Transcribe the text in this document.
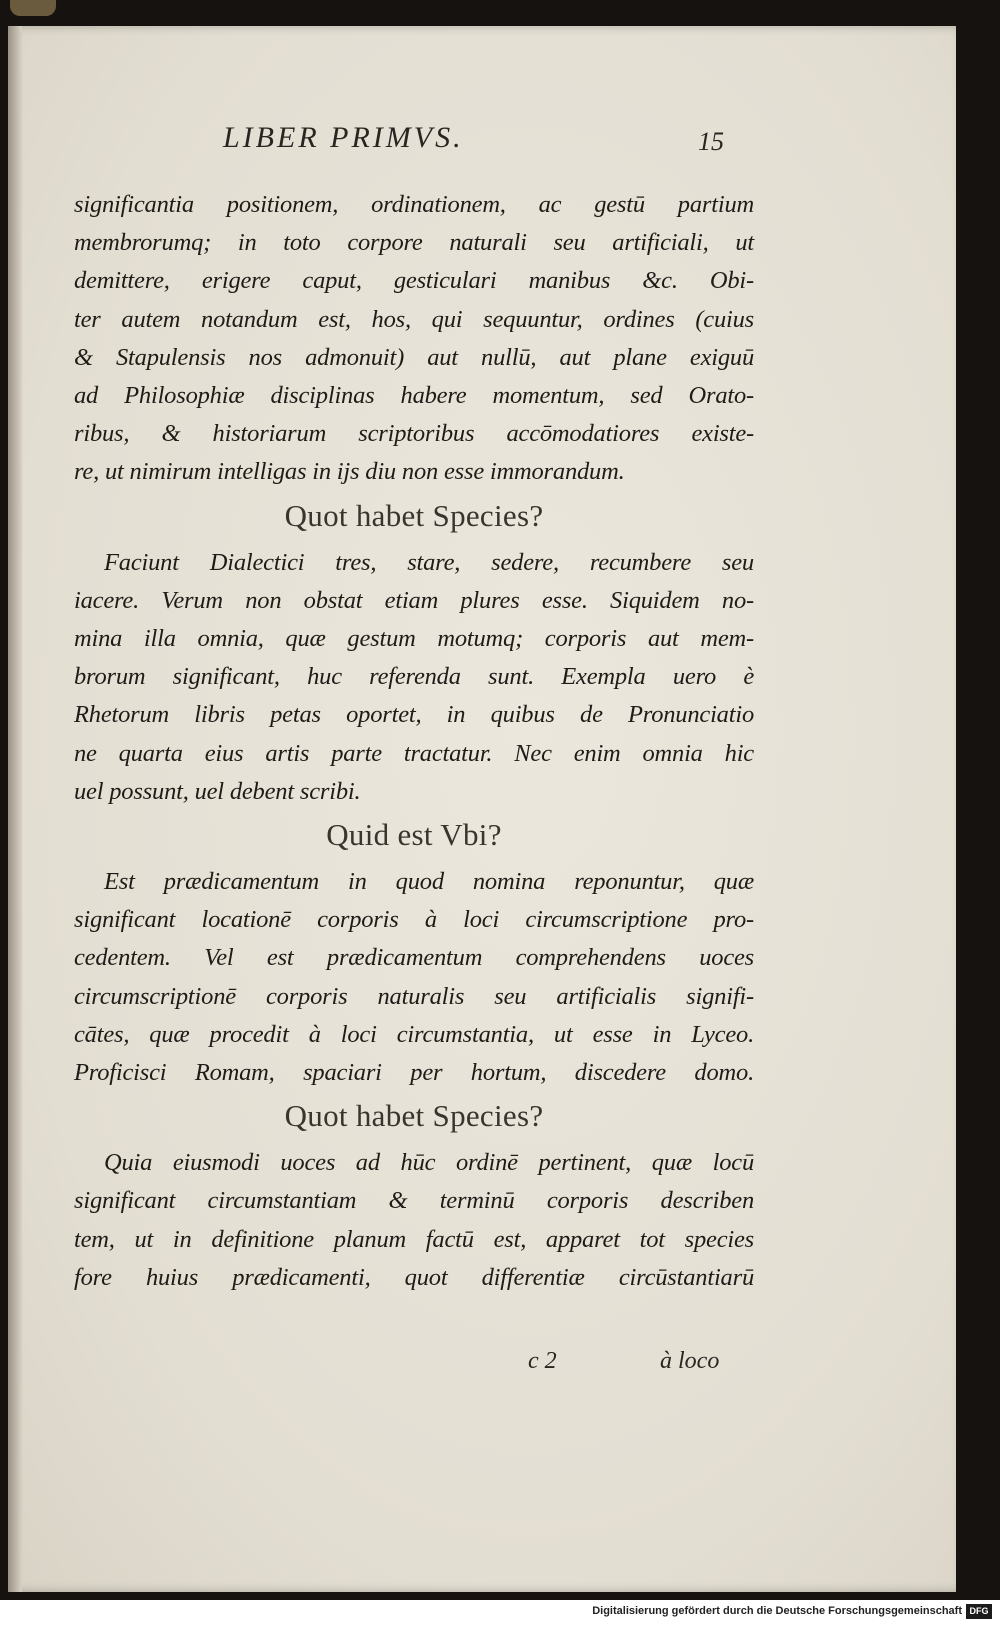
LIBER PRIMVS.	15

significantia positionem, ordinationem, ac gestū partium

membrorumq; in toto corpore naturali seu artificiali, ut

demittere, erigere caput, gesticulari manibus &c. Obi-

ter autem notandum est, hos, qui sequuntur, ordines (cuius

& Stapulensis nos admonuit) aut nullū, aut plane exiguū

ad Philosophiæ disciplinas habere momentum, sed Orato-

ribus, & historiarum scriptoribus accōmodatiores existe-

re, ut nimirum intelligas in ijs diu non esse immorandum.

Quot habet Species?

Faciunt Dialectici tres, stare, sedere, recumbere seu

iacere. Verum non obstat etiam plures esse. Siquidem no-

mina illa omnia, quæ gestum motumq; corporis aut mem-

brorum significant, huc referenda sunt. Exempla uero è

Rhetorum libris petas oportet, in quibus de Pronunciatio

ne quarta eius artis parte tractatur. Nec enim omnia hic

uel possunt, uel debent scribi.

Quid est Vbi?

Est prædicamentum in quod nomina reponuntur, quæ

significant locationē corporis à loci circumscriptione pro-

cedentem. Vel est prædicamentum comprehendens uoces

circumscriptionē corporis naturalis seu artificialis signifi-

cātes, quæ procedit à loci circumstantia, ut esse in Lyceo.

Proficisci Romam, spaciari per hortum, discedere domo.

Quot habet Species?

Quia eiusmodi uoces ad hūc ordinē pertinent, quæ locū

significant circumstantiam & terminū corporis describen

tem, ut in definitione planum factū est, apparet tot species

fore huius prædicamenti, quot differentiæ circūstantiarū

c 2	à loco
Digitalisierung gefördert durch die Deutsche Forschungsgemeinschaft DFG
